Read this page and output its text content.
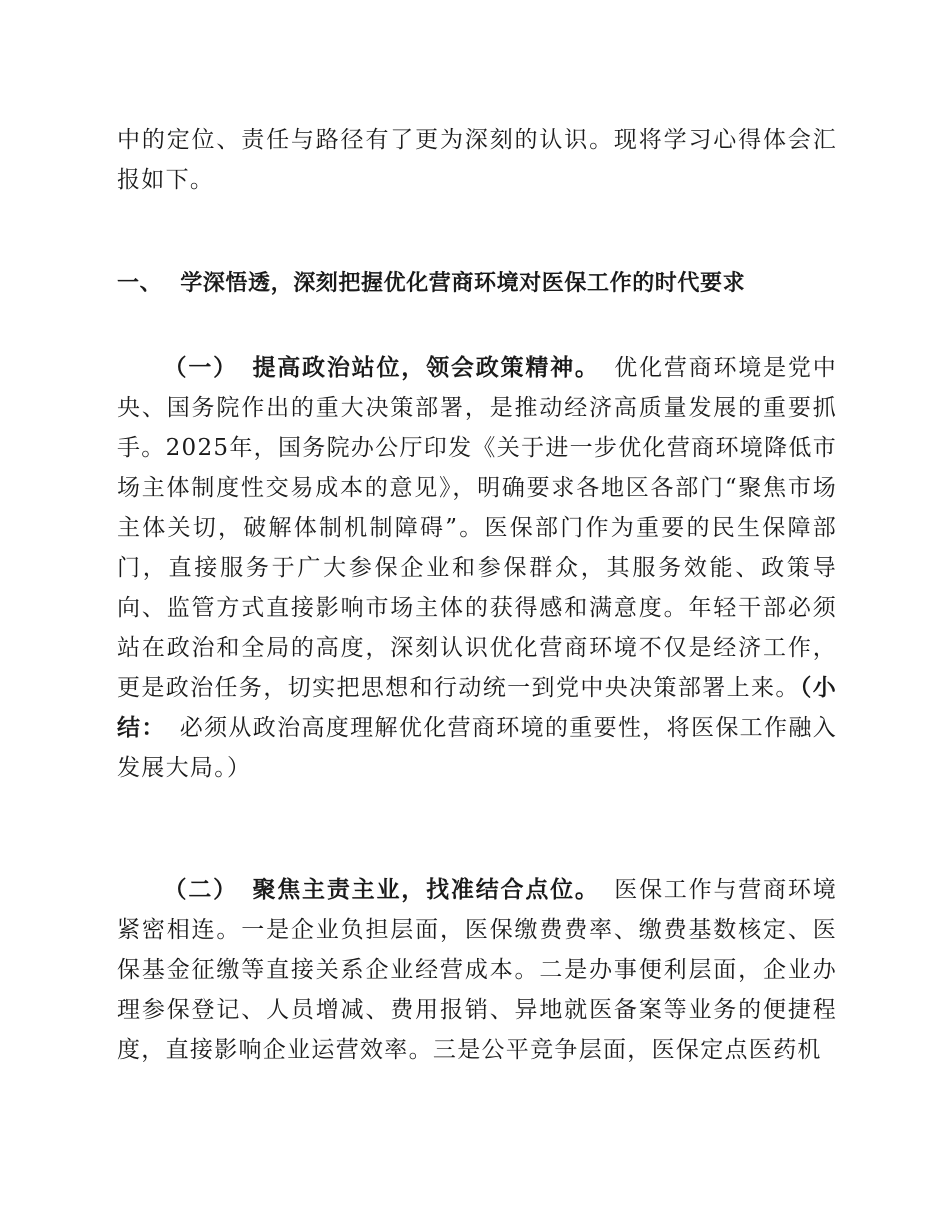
中的定位、责任与路径有了更为深刻的认识。现将学习心得体会汇报如下。

一、 学深悟透，深刻把握优化营商环境对医保工作的时代要求

（一） 提高政治站位，领会政策精神。 优化营商环境是党中央、国务院作出的重大决策部署，是推动经济高质量发展的重要抓手。2025年，国务院办公厅印发《关于进一步优化营商环境降低市场主体制度性交易成本的意见》，明确要求各地区各部门“聚焦市场主体关切，破解体制机制障碍”。医保部门作为重要的民生保障部门，直接服务于广大参保企业和参保群众，其服务效能、政策导向、监管方式直接影响市场主体的获得感和满意度。年轻干部必须站在政治和全局的高度，深刻认识优化营商环境不仅是经济工作，更是政治任务，切实把思想和行动统一到党中央决策部署上来。（小结： 必须从政治高度理解优化营商环境的重要性，将医保工作融入发展大局。）

（二） 聚焦主责主业，找准结合点位。 医保工作与营商环境紧密相连。一是企业负担层面，医保缴费费率、缴费基数核定、医保基金征缴等直接关系企业经营成本。二是办事便利层面，企业办理参保登记、人员增减、费用报销、异地就医备案等业务的便捷程度，直接影响企业运营效率。三是公平竞争层面，医保定点医药机
